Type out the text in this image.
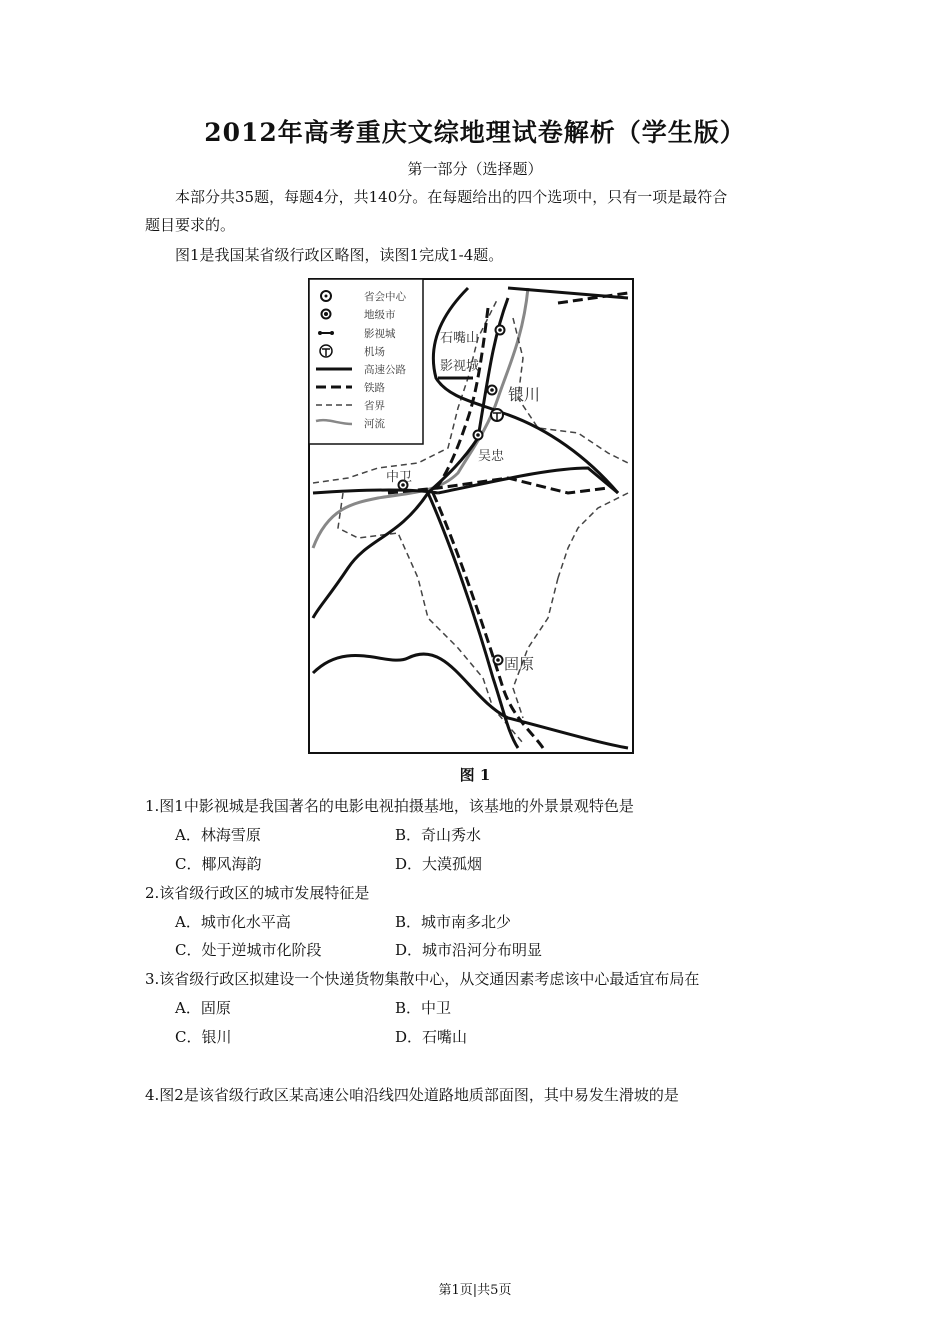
2012年高考重庆文综地理试卷解析（学生版）
第一部分（选择题）
本部分共35题，每题4分，共140分。在每题给出的四个选项中，只有一项是最符合
题目要求的。
图1是我国某省级行政区略图，读图1完成1-4题。
省会中心
地级市
影视城
机场
高速公路
铁路
省界
河流
石嘴山
影视城
银川
吴忠
中卫
固原
图 1
1.图1中影视城是我国著名的电影电视拍摄基地，该基地的外景景观特色是
A．林海雪原	B．奇山秀水
C．椰风海韵	D．大漠孤烟
2.该省级行政区的城市发展特征是
A．城市化水平高	B．城市南多北少
C．处于逆城市化阶段	D．城市沿河分布明显
3.该省级行政区拟建设一个快递货物集散中心，从交通因素考虑该中心最适宜布局在
A．固原	B．中卫
C．银川	D．石嘴山
4.图2是该省级行政区某高速公咱沿线四处道路地质部面图，其中易发生滑坡的是
第1页|共5页
